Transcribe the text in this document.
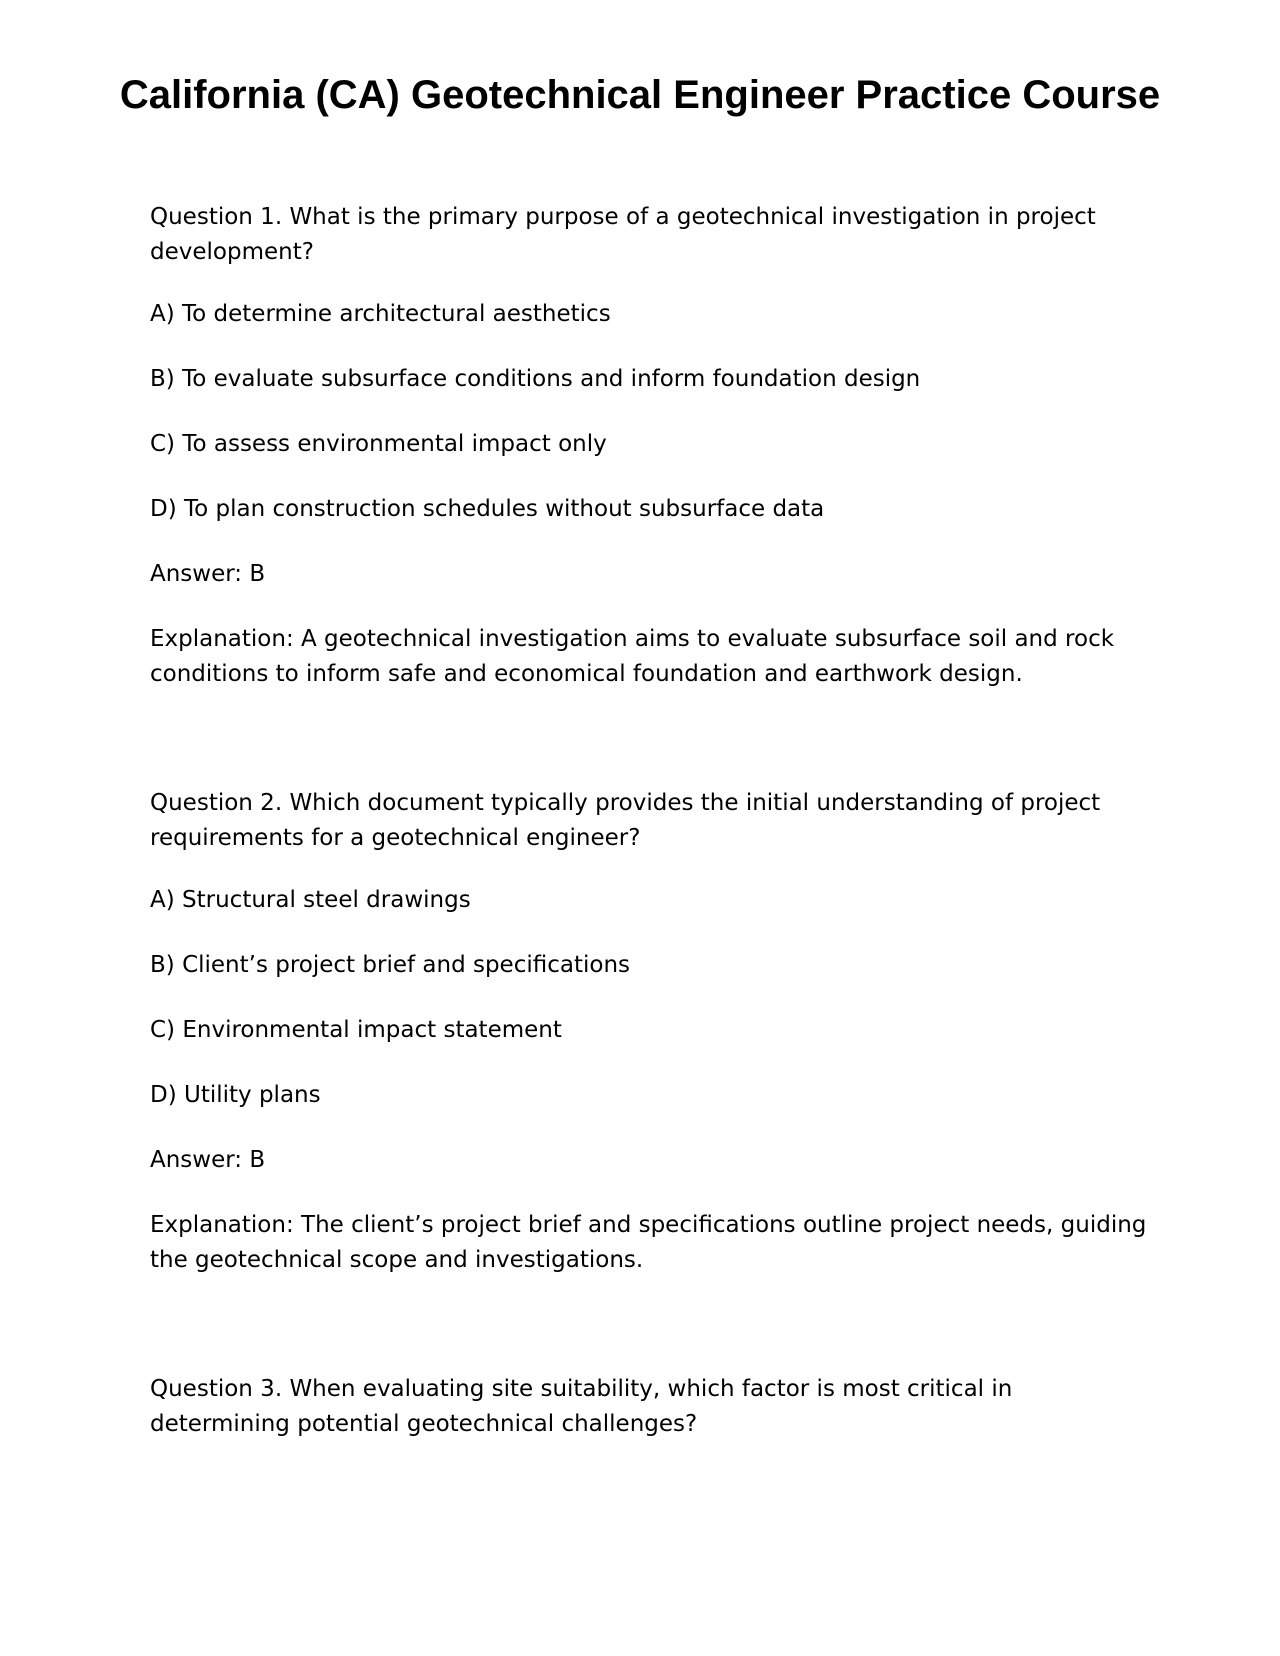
California (CA) Geotechnical Engineer Practice Course

Question 1. What is the primary purpose of a geotechnical investigation in project development?

A) To determine architectural aesthetics

B) To evaluate subsurface conditions and inform foundation design

C) To assess environmental impact only

D) To plan construction schedules without subsurface data

Answer: B

Explanation: A geotechnical investigation aims to evaluate subsurface soil and rock conditions to inform safe and economical foundation and earthwork design.

Question 2. Which document typically provides the initial understanding of project requirements for a geotechnical engineer?

A) Structural steel drawings

B) Client’s project brief and specifications

C) Environmental impact statement

D) Utility plans

Answer: B

Explanation: The client’s project brief and specifications outline project needs, guiding the geotechnical scope and investigations.

Question 3. When evaluating site suitability, which factor is most critical in determining potential geotechnical challenges?
